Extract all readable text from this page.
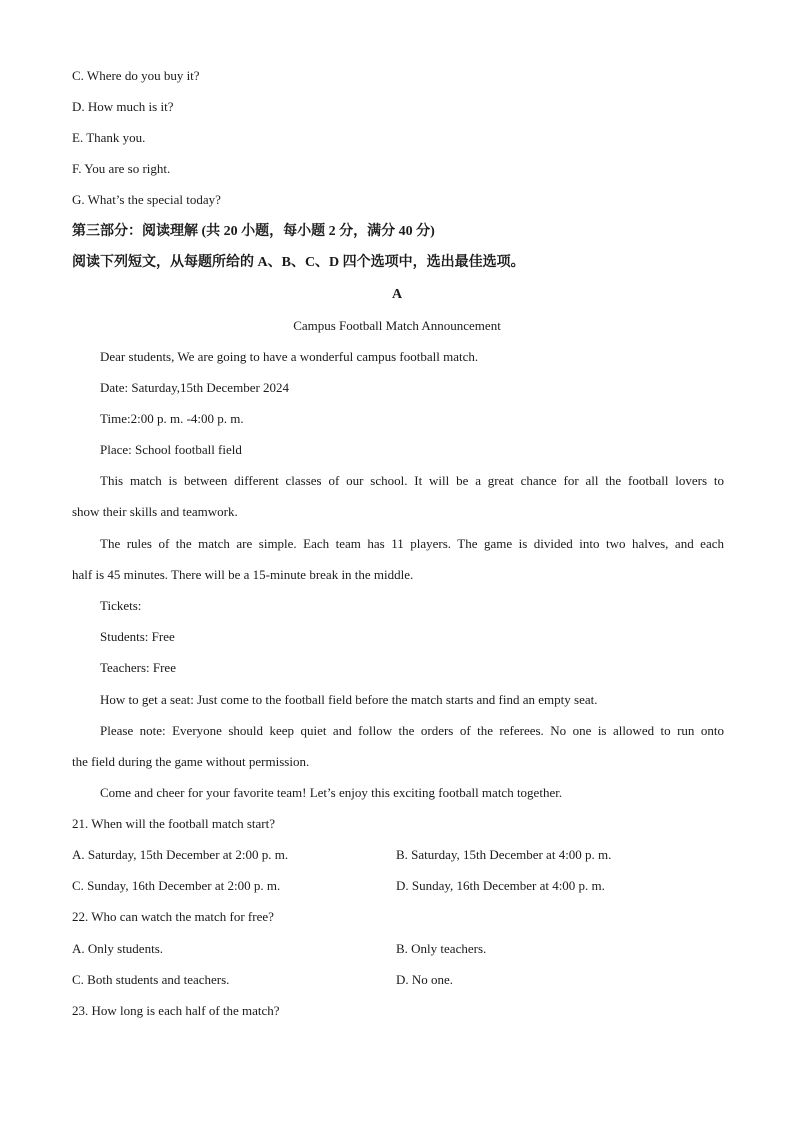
C. Where do you buy it?
D. How much is it?
E. Thank you.
F. You are so right.
G. What’s the special today?
第三部分：阅读理解 (共 20 小题，每小题 2 分，满分 40 分)
阅读下列短文，从每题所给的 A、B、C、D 四个选项中，选出最佳选项。
A
Campus Football Match Announcement
Dear students, We are going to have a wonderful campus football match.
Date: Saturday,15th December 2024
Time:2:00 p. m. -4:00 p. m.
Place: School football field
This match is between different classes of our school. It will be a great chance for all the football lovers to
show their skills and teamwork.
The rules of the match are simple. Each team has 11 players. The game is divided into two halves, and each
half is 45 minutes. There will be a 15-minute break in the middle.
Tickets:
Students: Free
Teachers: Free
How to get a seat: Just come to the football field before the match starts and find an empty seat.
Please note: Everyone should keep quiet and follow the orders of the referees. No one is allowed to run onto
the field during the game without permission.
Come and cheer for your favorite team! Let’s enjoy this exciting football match together.
21. When will the football match start?
A. Saturday, 15th December at 2:00 p. m.	B. Saturday, 15th December at 4:00 p. m.
C. Sunday, 16th December at 2:00 p. m.	D. Sunday, 16th December at 4:00 p. m.
22. Who can watch the match for free?
A. Only students.	B. Only teachers.
C. Both students and teachers.	D. No one.
23. How long is each half of the match?
